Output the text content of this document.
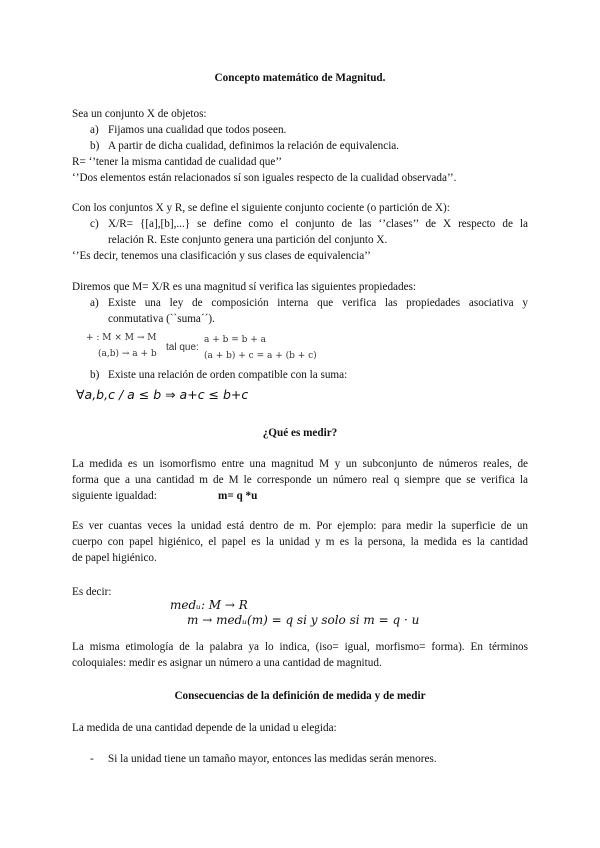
Concepto matemático de Magnitud.
Sea un conjunto X de objetos:
a) Fijamos una cualidad que todos poseen.
b) A partir de dicha cualidad, definimos la relación de equivalencia.
R= ‘’tener la misma cantidad de cualidad que’’
‘’Dos elementos están relacionados sí son iguales respecto de la cualidad observada’’.
Con los conjuntos X y R, se define el siguiente conjunto cociente (o partición de X):
c) X/R= {[a],[b],...} se define como el conjunto de las ‘’clases’’ de X respecto de la
relación R. Este conjunto genera una partición del conjunto X.
‘’Es decir, tenemos una clasificación y sus clases de equivalencia’’
Diremos que M= X/R es una magnitud sí verifica las siguientes propiedades:
a) Existe una ley de composición interna que verifica las propiedades asociativa y
conmutativa (``suma´´).
+ : M × M → M
(a,b) → a + b
tal que:
a + b = b + a
(a + b) + c = a + (b + c)
b) Existe una relación de orden compatible con la suma:
∀a,b,c / a ≤ b ⇒ a+c ≤ b+c
¿Qué es medir?
La medida es un isomorfismo entre una magnitud M y un subconjunto de números reales, de
forma que a una cantidad m de M le corresponde un número real q siempre que se verifica la
siguiente igualdad:	m= q *u
Es ver cuantas veces la unidad está dentro de m. Por ejemplo: para medir la superficie de un
cuerpo con papel higiénico, el papel es la unidad y m es la persona, la medida es la cantidad
de papel higiénico.
Es decir:
medᵤ: M → R
m → medᵤ(m) = q si y solo si m = q · u
La misma etimología de la palabra ya lo indica, (iso= igual, morfismo= forma). En términos
coloquiales: medir es asignar un número a una cantidad de magnitud.
Consecuencias de la definición de medida y de medir
La medida de una cantidad depende de la unidad u elegida:
- Si la unidad tiene un tamaño mayor, entonces las medidas serán menores.
